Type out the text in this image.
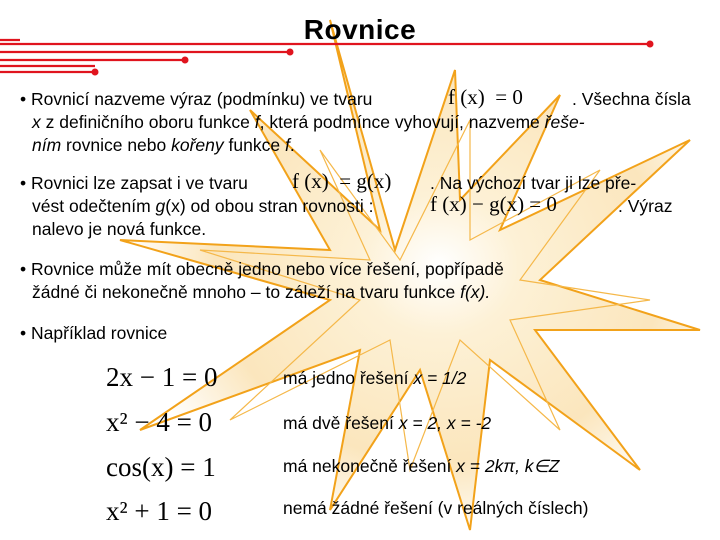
Rovnice
• Rovnicí nazveme výraz (podmínku) ve tvaru	f (x)  = 0	. Všechna čísla
x z definičního oboru funkce f, která podmínce vyhovují, nazveme řeše-
ním rovnice nebo kořeny funkce f.
• Rovnici lze zapsat i ve tvaru f (x)  = g(x) . Na výchozí tvar ji lze pře-
vést odečtením g(x) od obou stran rovnosti :	f (x) − g(x) = 0	. Výraz
nalevo je nová funkce.
• Rovnice může mít obecně jedno nebo více řešení, popřípadě
žádné či nekonečně mnoho – to záleží na tvaru funkce f(x).
• Například rovnice
2x − 1 = 0	má jedno řešení x = 1/2
x² − 4 = 0	má dvě řešení x = 2, x = -2
cos(x) = 1	má nekonečně řešení x = 2kπ, k∈Z
x² + 1 = 0	nemá žádné řešení (v reálných číslech)
